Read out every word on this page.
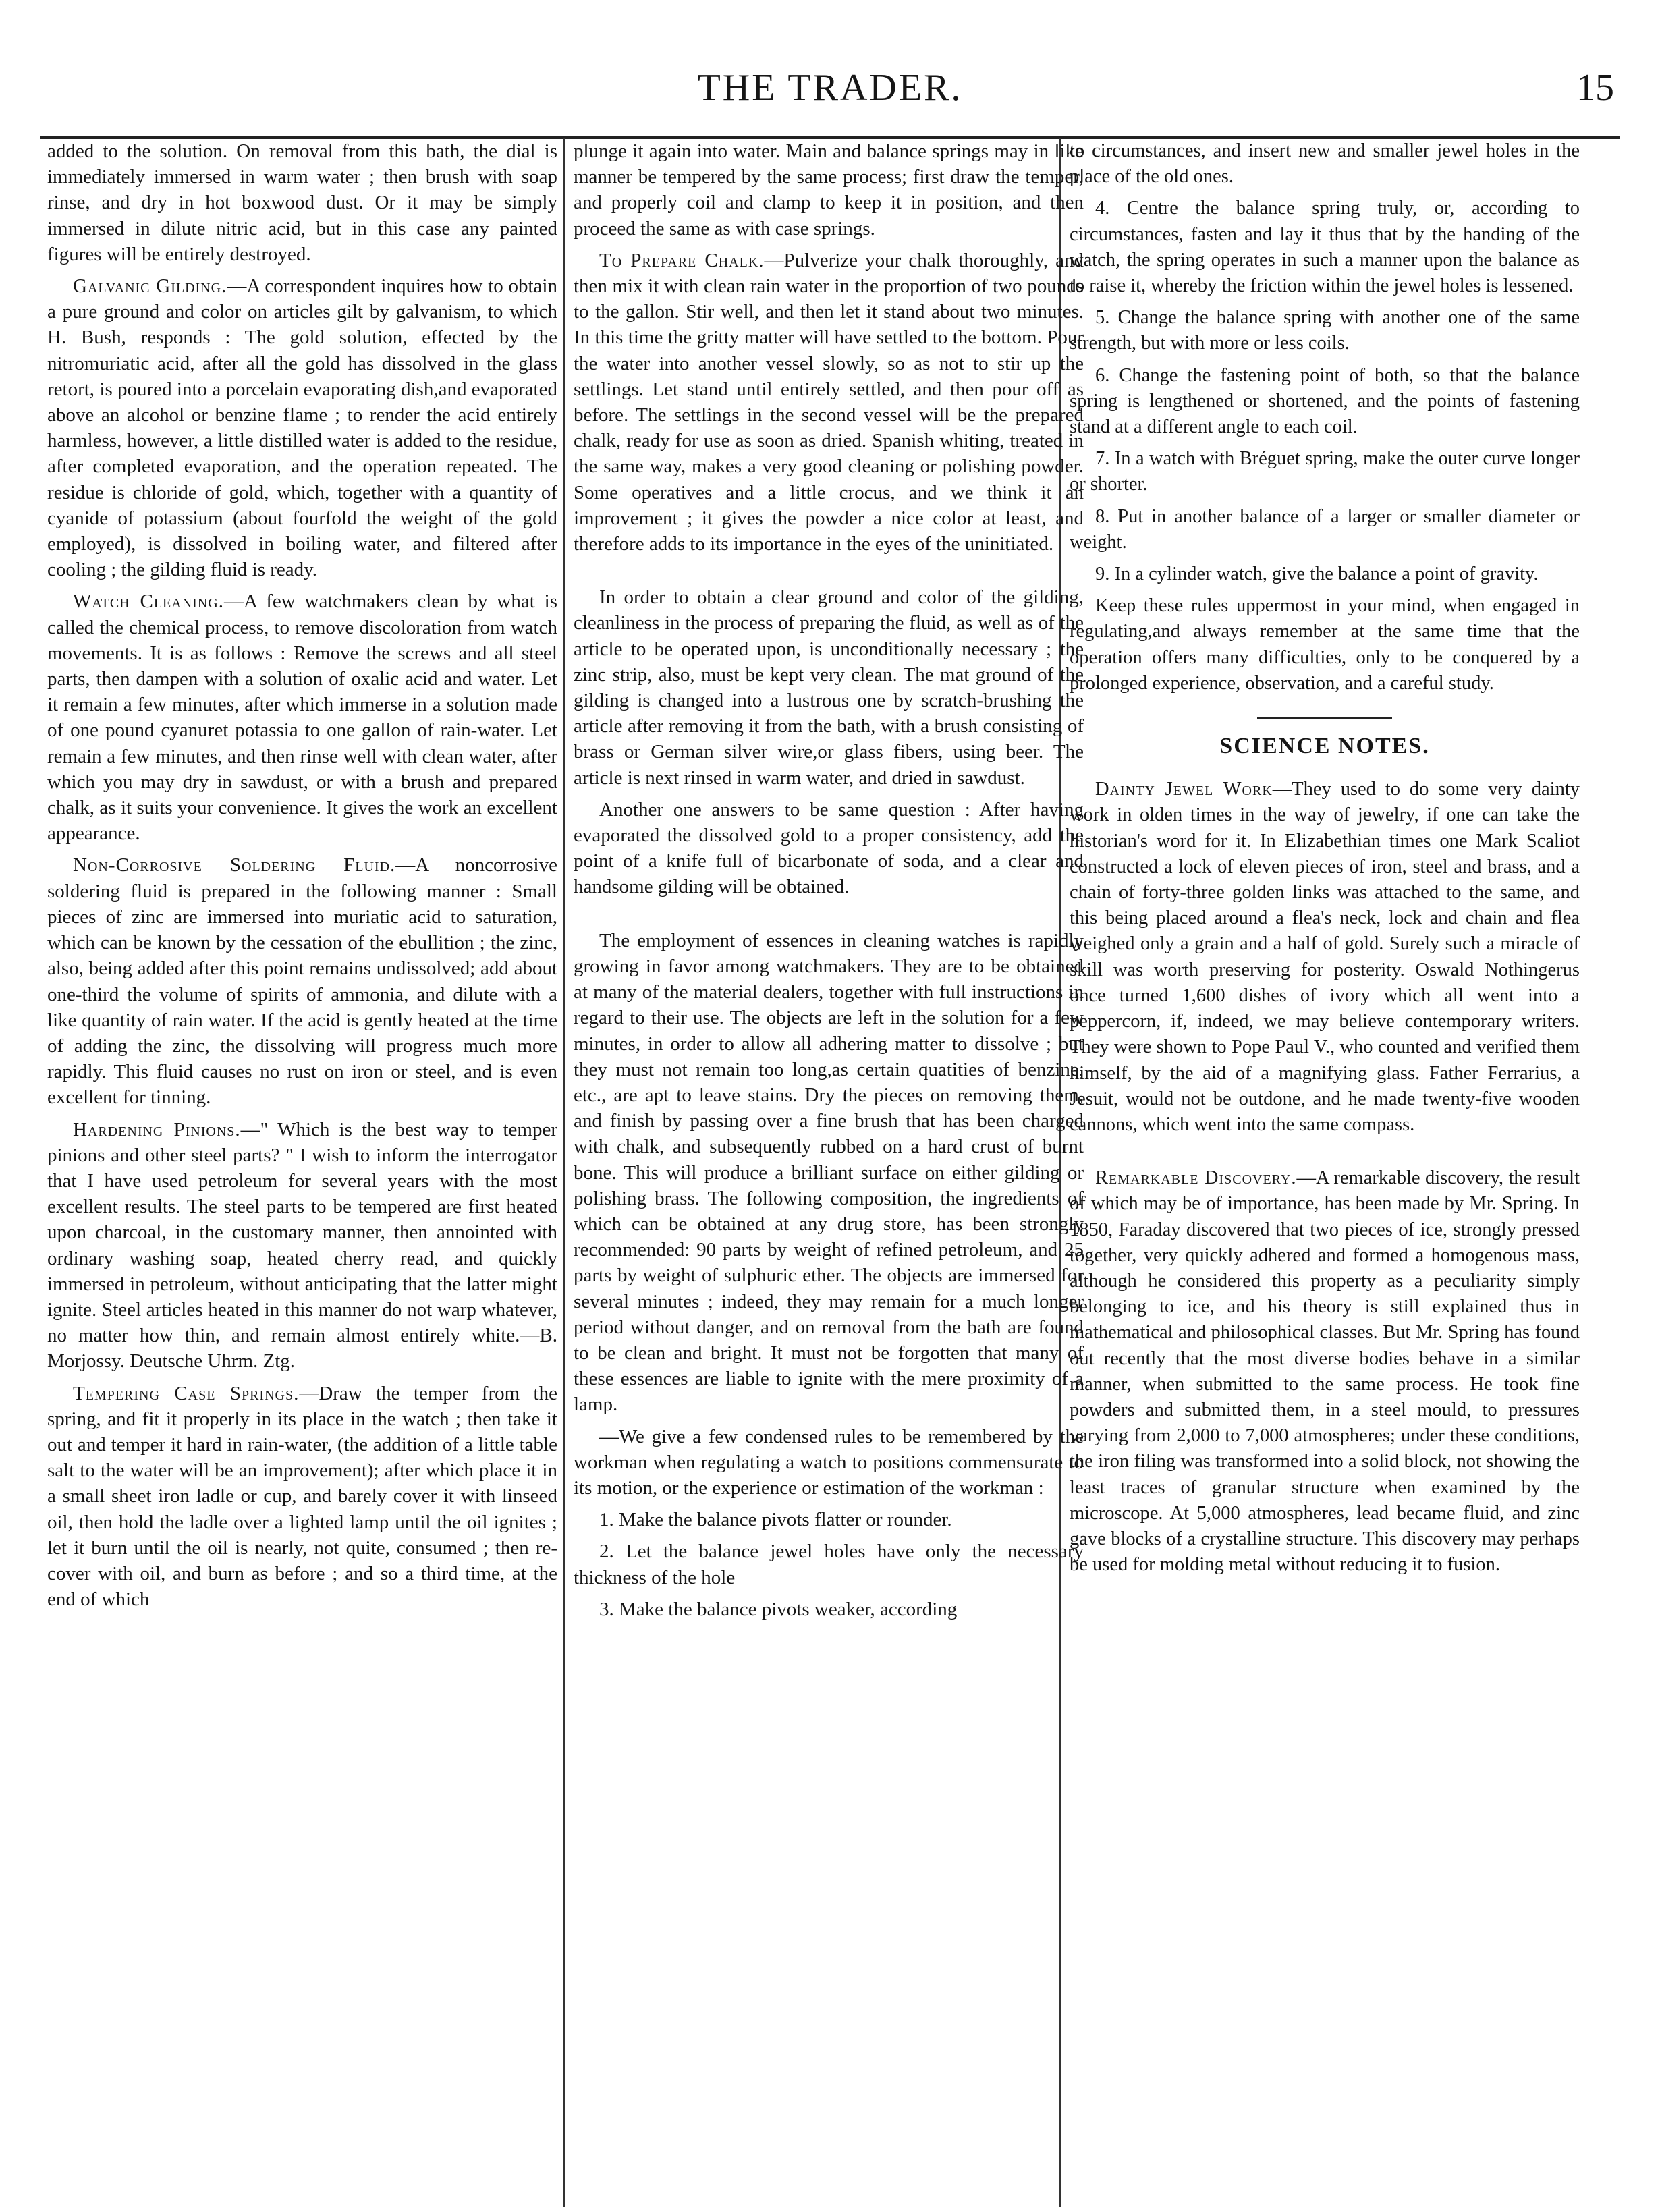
THE TRADER.	15

added to the solution. On removal from this bath, the dial is immediately immersed in warm water ; then brush with soap rinse, and dry in hot boxwood dust. Or it may be simply immersed in dilute nitric acid, but in this case any painted figures will be entirely destroyed.

Galvanic Gilding.—A correspondent inquires how to obtain a pure ground and color on articles gilt by galvanism, to which H. Bush, responds : The gold solution, effected by the nitromuriatic acid, after all the gold has dissolved in the glass retort, is poured into a porcelain evaporating dish,and evaporated above an alcohol or benzine flame ; to render the acid entirely harmless, however, a little distilled water is added to the residue, after completed evaporation, and the operation repeated. The residue is chloride of gold, which, together with a quantity of cyanide of potassium (about fourfold the weight of the gold employed), is dissolved in boiling water, and filtered after cooling ; the gilding fluid is ready.

Watch Cleaning.—A few watchmakers clean by what is called the chemical process, to remove discoloration from watch movements. It is as follows : Remove the screws and all steel parts, then dampen with a solution of oxalic acid and water. Let it remain a few minutes, after which immerse in a solution made of one pound cyanuret potassia to one gallon of rain-water. Let remain a few minutes, and then rinse well with clean water, after which you may dry in sawdust, or with a brush and prepared chalk, as it suits your convenience. It gives the work an excellent appearance.

Non-Corrosive Soldering Fluid.—A noncorrosive soldering fluid is prepared in the following manner : Small pieces of zinc are immersed into muriatic acid to saturation, which can be known by the cessation of the ebullition ; the zinc, also, being added after this point remains undissolved; add about one-third the volume of spirits of ammonia, and dilute with a like quantity of rain water. If the acid is gently heated at the time of adding the zinc, the dissolving will progress much more rapidly. This fluid causes no rust on iron or steel, and is even excellent for tinning.

Hardening Pinions.—" Which is the best way to temper pinions and other steel parts? " I wish to inform the interrogator that I have used petroleum for several years with the most excellent results. The steel parts to be tempered are first heated upon charcoal, in the customary manner, then annointed with ordinary washing soap, heated cherry read, and quickly immersed in petroleum, without anticipating that the latter might ignite. Steel articles heated in this manner do not warp whatever, no matter how thin, and remain almost entirely white.—B. Morjossy. Deutsche Uhrm. Ztg.

Tempering Case Springs.—Draw the temper from the spring, and fit it properly in its place in the watch ; then take it out and temper it hard in rain-water, (the addition of a little table salt to the water will be an improvement); after which place it in a small sheet iron ladle or cup, and barely cover it with linseed oil, then hold the ladle over a lighted lamp until the oil ignites ; let it burn until the oil is nearly, not quite, consumed ; then re-cover with oil, and burn as before ; and so a third time, at the end of which

plunge it again into water. Main and balance springs may in like manner be tempered by the same process; first draw the temper, and properly coil and clamp to keep it in position, and then proceed the same as with case springs.

To Prepare Chalk.—Pulverize your chalk thoroughly, and then mix it with clean rain water in the proportion of two pounds to the gallon. Stir well, and then let it stand about two minutes. In this time the gritty matter will have settled to the bottom. Pour the water into another vessel slowly, so as not to stir up the settlings. Let stand until entirely settled, and then pour off as before. The settlings in the second vessel will be the prepared chalk, ready for use as soon as dried. Spanish whiting, treated in the same way, makes a very good cleaning or polishing powder. Some operatives and a little crocus, and we think it an improvement ; it gives the powder a nice color at least, and therefore adds to its importance in the eyes of the uninitiated.

In order to obtain a clear ground and color of the gilding, cleanliness in the process of preparing the fluid, as well as of the article to be operated upon, is unconditionally necessary ; the zinc strip, also, must be kept very clean. The mat ground of the gilding is changed into a lustrous one by scratch-brushing the article after removing it from the bath, with a brush consisting of brass or German silver wire,or glass fibers, using beer. The article is next rinsed in warm water, and dried in sawdust.

Another one answers to be same question : After having evaporated the dissolved gold to a proper consistency, add the point of a knife full of bicarbonate of soda, and a clear and handsome gilding will be obtained.

The employment of essences in cleaning watches is rapidly growing in favor among watchmakers. They are to be obtained at many of the material dealers, together with full instructions in regard to their use. The objects are left in the solution for a few minutes, in order to allow all adhering matter to dissolve ; but they must not remain too long,as certain quatities of benzine, etc., are apt to leave stains. Dry the pieces on removing them, and finish by passing over a fine brush that has been charged with chalk, and subsequently rubbed on a hard crust of burnt bone. This will produce a brilliant surface on either gilding or polishing brass. The following composition, the ingredients of which can be obtained at any drug store, has been strongly recommended: 90 parts by weight of refined petroleum, and 25 parts by weight of sulphuric ether. The objects are immersed for several minutes ; indeed, they may remain for a much longer period without danger, and on removal from the bath are found to be clean and bright. It must not be forgotten that many of these essences are liable to ignite with the mere proximity of a lamp.

—We give a few condensed rules to be remembered by the workman when regulating a watch to positions commensurate to its motion, or the experience or estimation of the workman :

1. Make the balance pivots flatter or rounder.

2. Let the balance jewel holes have only the necessary thickness of the hole

3. Make the balance pivots weaker, according

to circumstances, and insert new and smaller jewel holes in the place of the old ones.

4. Centre the balance spring truly, or, according to circumstances, fasten and lay it thus that by the handing of the watch, the spring operates in such a manner upon the balance as to raise it, whereby the friction within the jewel holes is lessened.

5. Change the balance spring with another one of the same strength, but with more or less coils.

6. Change the fastening point of both, so that the balance spring is lengthened or shortened, and the points of fastening stand at a different angle to each coil.

7. In a watch with Bréguet spring, make the outer curve longer or shorter.

8. Put in another balance of a larger or smaller diameter or weight.

9. In a cylinder watch, give the balance a point of gravity.

Keep these rules uppermost in your mind, when engaged in regulating,and always remember at the same time that the operation offers many difficulties, only to be conquered by a prolonged experience, observation, and a careful study.

SCIENCE NOTES.

Dainty Jewel Work—They used to do some very dainty work in olden times in the way of jewelry, if one can take the historian's word for it. In Elizabethian times one Mark Scaliot constructed a lock of eleven pieces of iron, steel and brass, and a chain of forty-three golden links was attached to the same, and this being placed around a flea's neck, lock and chain and flea weighed only a grain and a half of gold. Surely such a miracle of skill was worth preserving for posterity. Oswald Nothingerus once turned 1,600 dishes of ivory which all went into a peppercorn, if, indeed, we may believe contemporary writers. They were shown to Pope Paul V., who counted and verified them himself, by the aid of a magnifying glass. Father Ferrarius, a Jesuit, would not be outdone, and he made twenty-five wooden cannons, which went into the same compass.

Remarkable Discovery.—A remarkable discovery, the result of which may be of importance, has been made by Mr. Spring. In 1850, Faraday discovered that two pieces of ice, strongly pressed together, very quickly adhered and formed a homogenous mass, although he considered this property as a peculiarity simply belonging to ice, and his theory is still explained thus in mathematical and philosophical classes. But Mr. Spring has found out recently that the most diverse bodies behave in a similar manner, when submitted to the same process. He took fine powders and submitted them, in a steel mould, to pressures varying from 2,000 to 7,000 atmospheres; under these conditions, the iron filing was transformed into a solid block, not showing the least traces of granular structure when examined by the microscope. At 5,000 atmospheres, lead became fluid, and zinc gave blocks of a crystalline structure. This discovery may perhaps be used for molding metal without reducing it to fusion.
